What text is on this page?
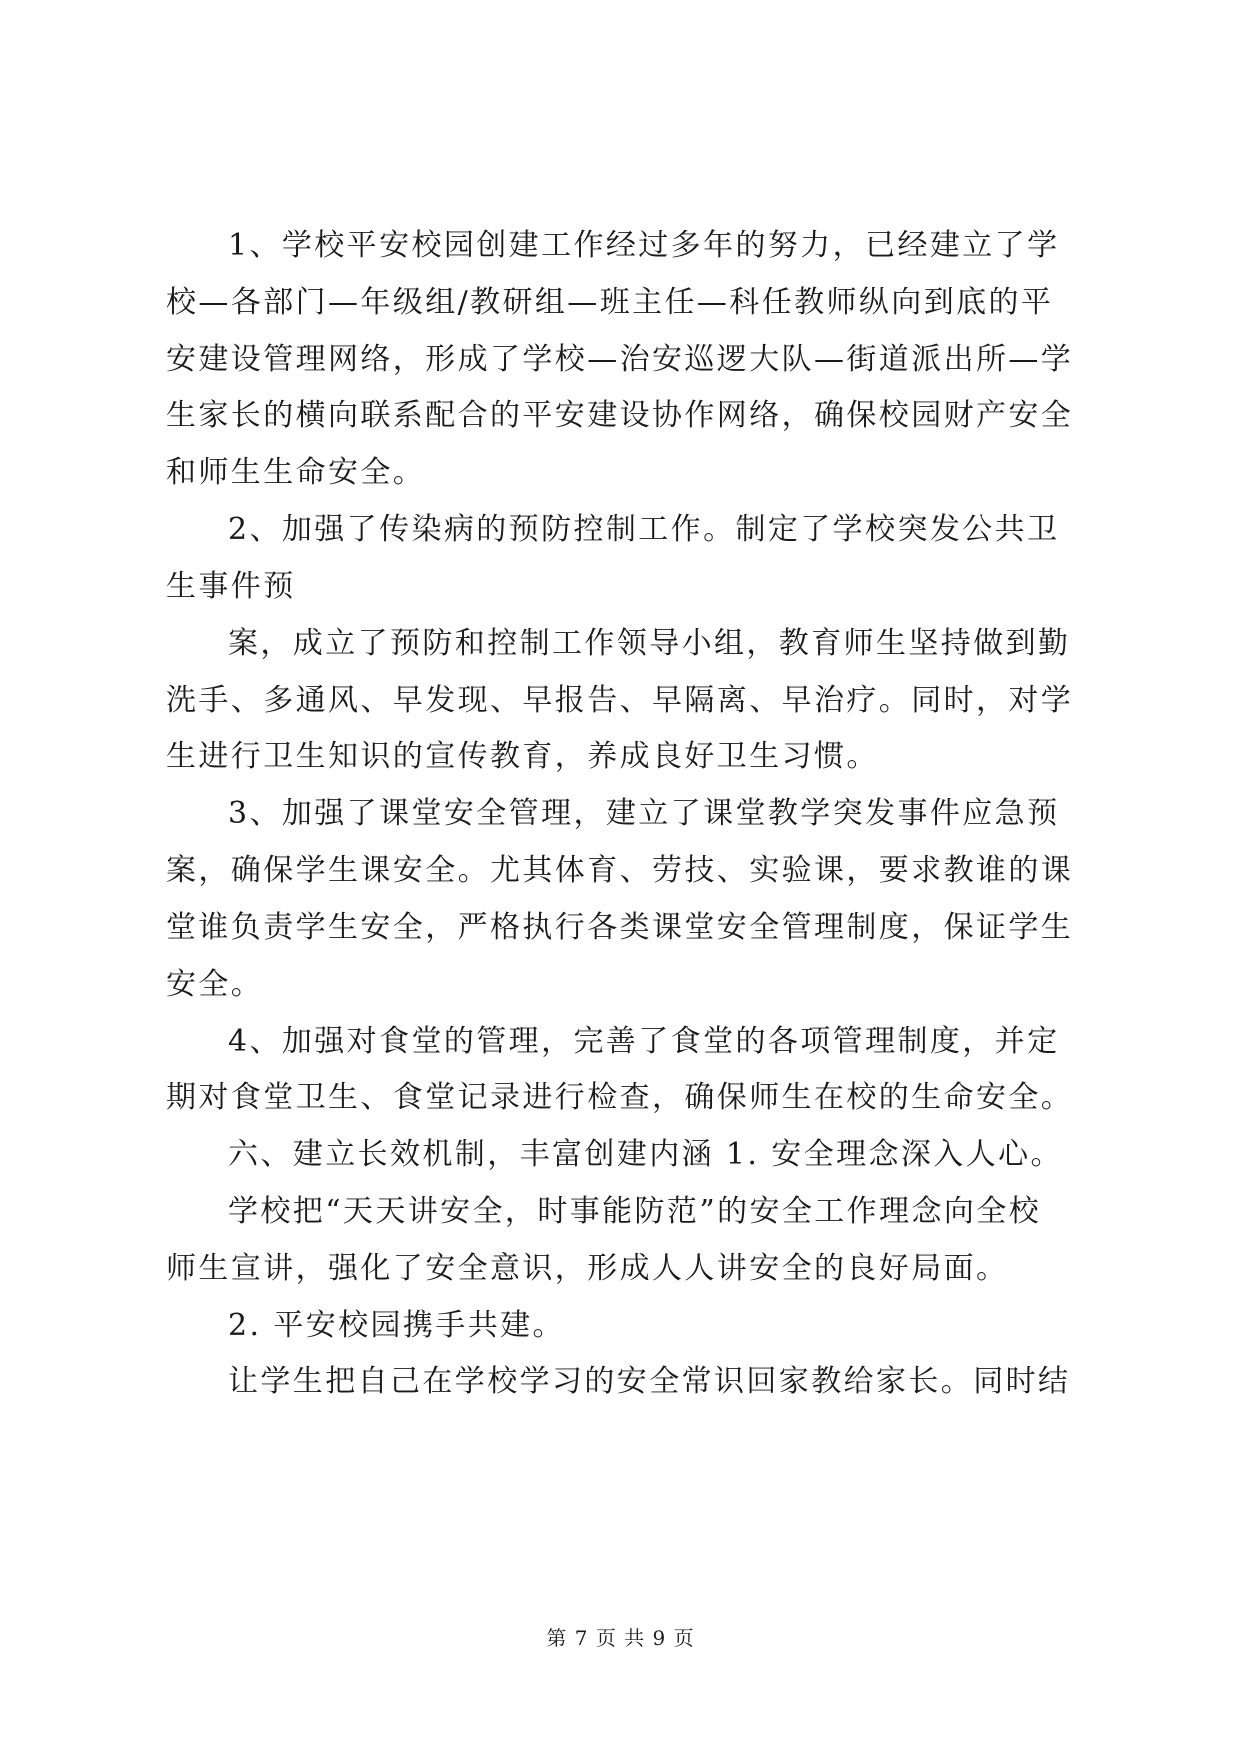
1、学校平安校园创建工作经过多年的努力，已经建立了学
校—各部门—年级组/教研组—班主任—科任教师纵向到底的平
安建设管理网络，形成了学校—治安巡逻大队—街道派出所—学
生家长的横向联系配合的平安建设协作网络，确保校园财产安全
和师生生命安全。
2、加强了传染病的预防控制工作。制定了学校突发公共卫
生事件预
案，成立了预防和控制工作领导小组，教育师生坚持做到勤
洗手、多通风、早发现、早报告、早隔离、早治疗。同时，对学
生进行卫生知识的宣传教育，养成良好卫生习惯。
3、加强了课堂安全管理，建立了课堂教学突发事件应急预
案，确保学生课安全。尤其体育、劳技、实验课，要求教谁的课
堂谁负责学生安全，严格执行各类课堂安全管理制度，保证学生
安全。
4、加强对食堂的管理，完善了食堂的各项管理制度，并定
期对食堂卫生、食堂记录进行检查，确保师生在校的生命安全。
六、建立长效机制，丰富创建内涵 1. 安全理念深入人心。
学校把“天天讲安全，时事能防范”的安全工作理念向全校
师生宣讲，强化了安全意识，形成人人讲安全的良好局面。
2. 平安校园携手共建。
让学生把自己在学校学习的安全常识回家教给家长。同时结
第 7 页 共 9 页
